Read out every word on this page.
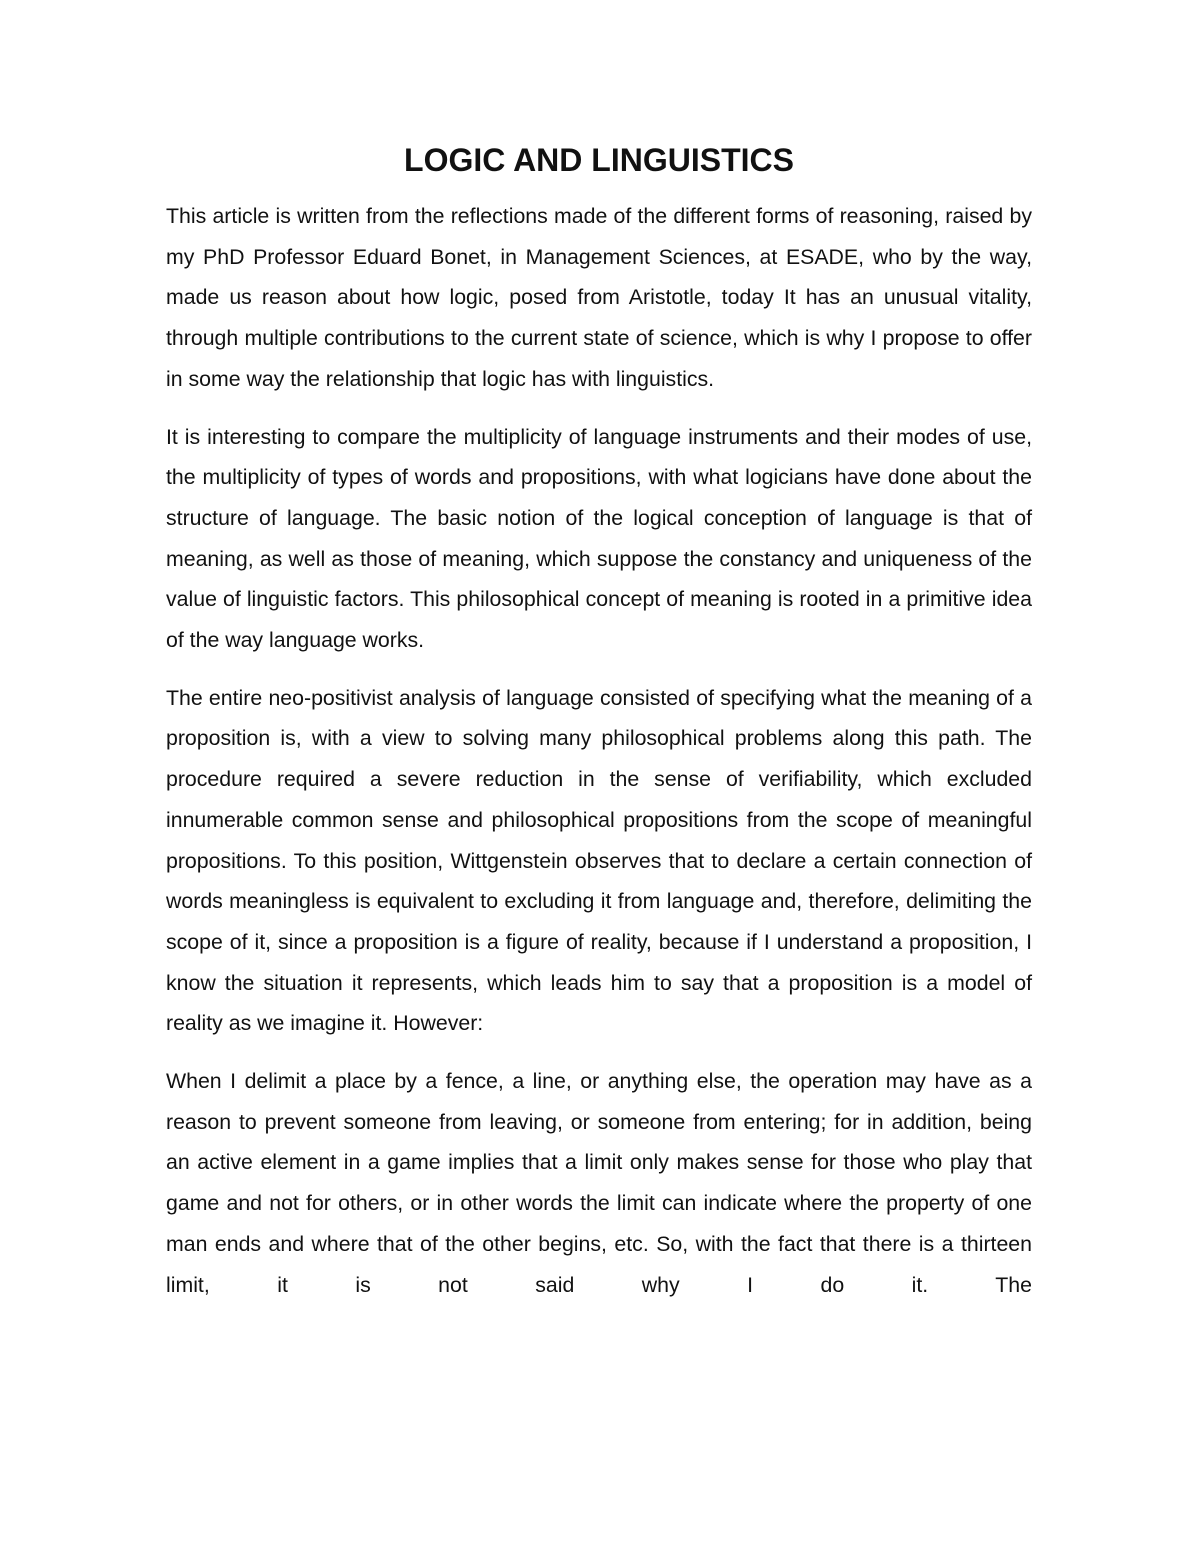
LOGIC AND LINGUISTICS

This article is written from the reflections made of the different forms of reasoning, raised by my PhD Professor Eduard Bonet, in Management Sciences, at ESADE, who by the way, made us reason about how logic, posed from Aristotle, today It has an unusual vitality, through multiple contributions to the current state of science, which is why I propose to offer in some way the relationship that logic has with linguistics.

It is interesting to compare the multiplicity of language instruments and their modes of use, the multiplicity of types of words and propositions, with what logicians have done about the structure of language. The basic notion of the logical conception of language is that of meaning, as well as those of meaning, which suppose the constancy and uniqueness of the value of linguistic factors. This philosophical concept of meaning is rooted in a primitive idea of the way language works.

The entire neo-positivist analysis of language consisted of specifying what the meaning of a proposition is, with a view to solving many philosophical problems along this path. The procedure required a severe reduction in the sense of verifiability, which excluded innumerable common sense and philosophical propositions from the scope of meaningful propositions. To this position, Wittgenstein observes that to declare a certain connection of words meaningless is equivalent to excluding it from language and, therefore, delimiting the scope of it, since a proposition is a figure of reality, because if I understand a proposition, I know the situation it represents, which leads him to say that a proposition is a model of reality as we imagine it. However:

When I delimit a place by a fence, a line, or anything else, the operation may have as a reason to prevent someone from leaving, or someone from entering; for in addition, being an active element in a game implies that a limit only makes sense for those who play that game and not for others, or in other words the limit can indicate where the property of one man ends and where that of the other begins, etc. So, with the fact that there is a thirteen limit, it is not said why I do it. The
